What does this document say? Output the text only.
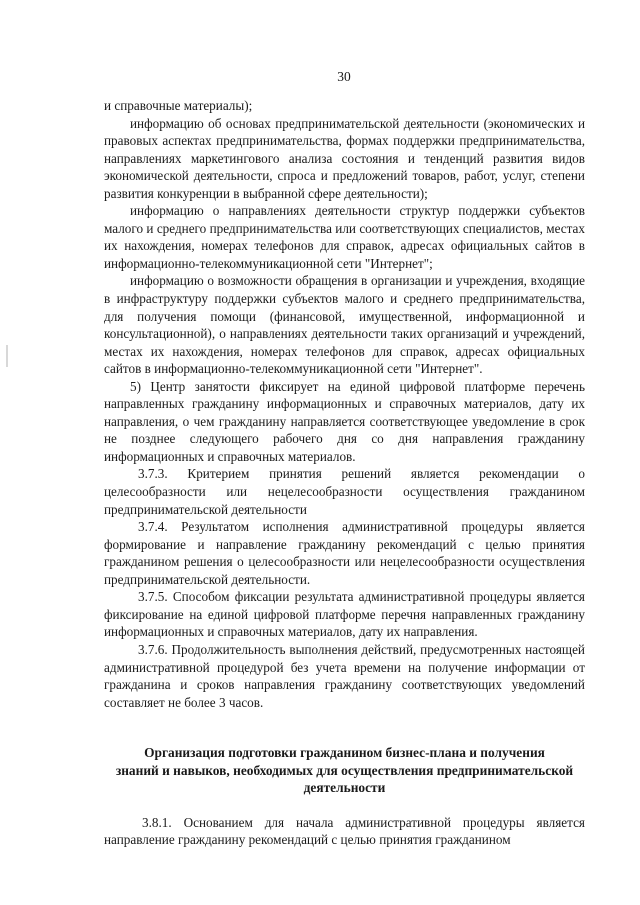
30

и справочные материалы);

информацию об основах предпринимательской деятельности (экономических и правовых аспектах предпринимательства, формах поддержки предпринимательства, направлениях маркетингового анализа состояния и тенденций развития видов экономической деятельности, спроса и предложений товаров, работ, услуг, степени развития конкуренции в выбранной сфере деятельности);

информацию о направлениях деятельности структур поддержки субъектов малого и среднего предпринимательства или соответствующих специалистов, местах их нахождения, номерах телефонов для справок, адресах официальных сайтов в информационно-телекоммуникационной сети "Интернет";

информацию о возможности обращения в организации и учреждения, входящие в инфраструктуру поддержки субъектов малого и среднего предпринимательства, для получения помощи (финансовой, имущественной, информационной и консультационной), о направлениях деятельности таких организаций и учреждений, местах их нахождения, номерах телефонов для справок, адресах официальных сайтов в информационно-телекоммуникационной сети "Интернет".

5) Центр занятости фиксирует на единой цифровой платформе перечень направленных гражданину информационных и справочных материалов, дату их направления, о чем гражданину направляется соответствующее уведомление в срок не позднее следующего рабочего дня со дня направления гражданину информационных и справочных материалов.

3.7.3. Критерием принятия решений является рекомендации о целесообразности или нецелесообразности осуществления гражданином предпринимательской деятельности

3.7.4. Результатом исполнения административной процедуры является формирование и направление гражданину рекомендаций с целью принятия гражданином решения о целесообразности или нецелесообразности осуществления предпринимательской деятельности.

3.7.5. Способом фиксации результата административной процедуры является фиксирование на единой цифровой платформе перечня направленных гражданину информационных и справочных материалов, дату их направления.

3.7.6. Продолжительность выполнения действий, предусмотренных настоящей административной процедурой без учета времени на получение информации от гражданина и сроков направления гражданину соответствующих уведомлений составляет не более 3 часов.

Организация подготовки гражданином бизнес-плана и получения
знаний и навыков, необходимых для осуществления предпринимательской
деятельности

3.8.1. Основанием для начала административной процедуры является направление гражданину рекомендаций с целью принятия гражданином
